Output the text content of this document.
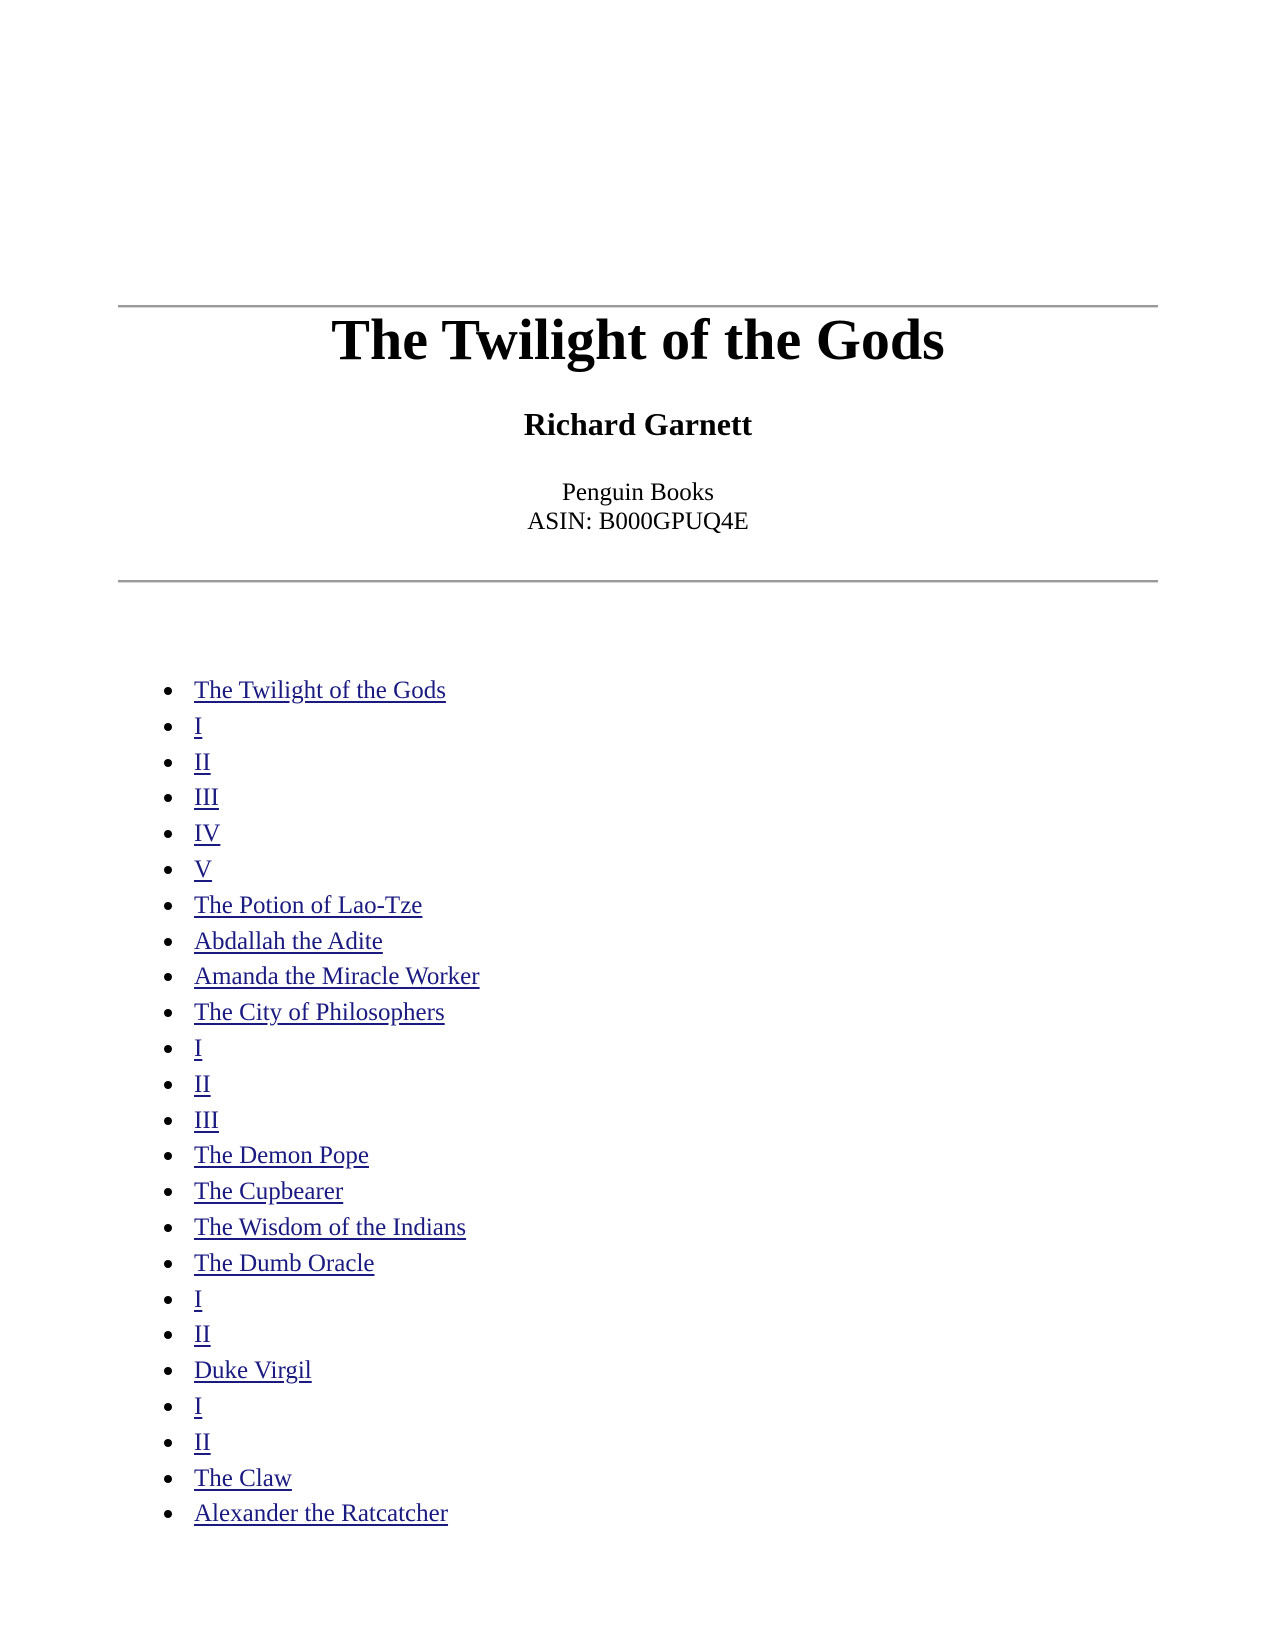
The Twilight of the Gods
Richard Garnett
Penguin Books
ASIN: B000GPUQ4E
The Twilight of the Gods
I
II
III
IV
V
The Potion of Lao-Tze
Abdallah the Adite
Amanda the Miracle Worker
The City of Philosophers
I
II
III
The Demon Pope
The Cupbearer
The Wisdom of the Indians
The Dumb Oracle
I
II
Duke Virgil
I
II
The Claw
Alexander the Ratcatcher
